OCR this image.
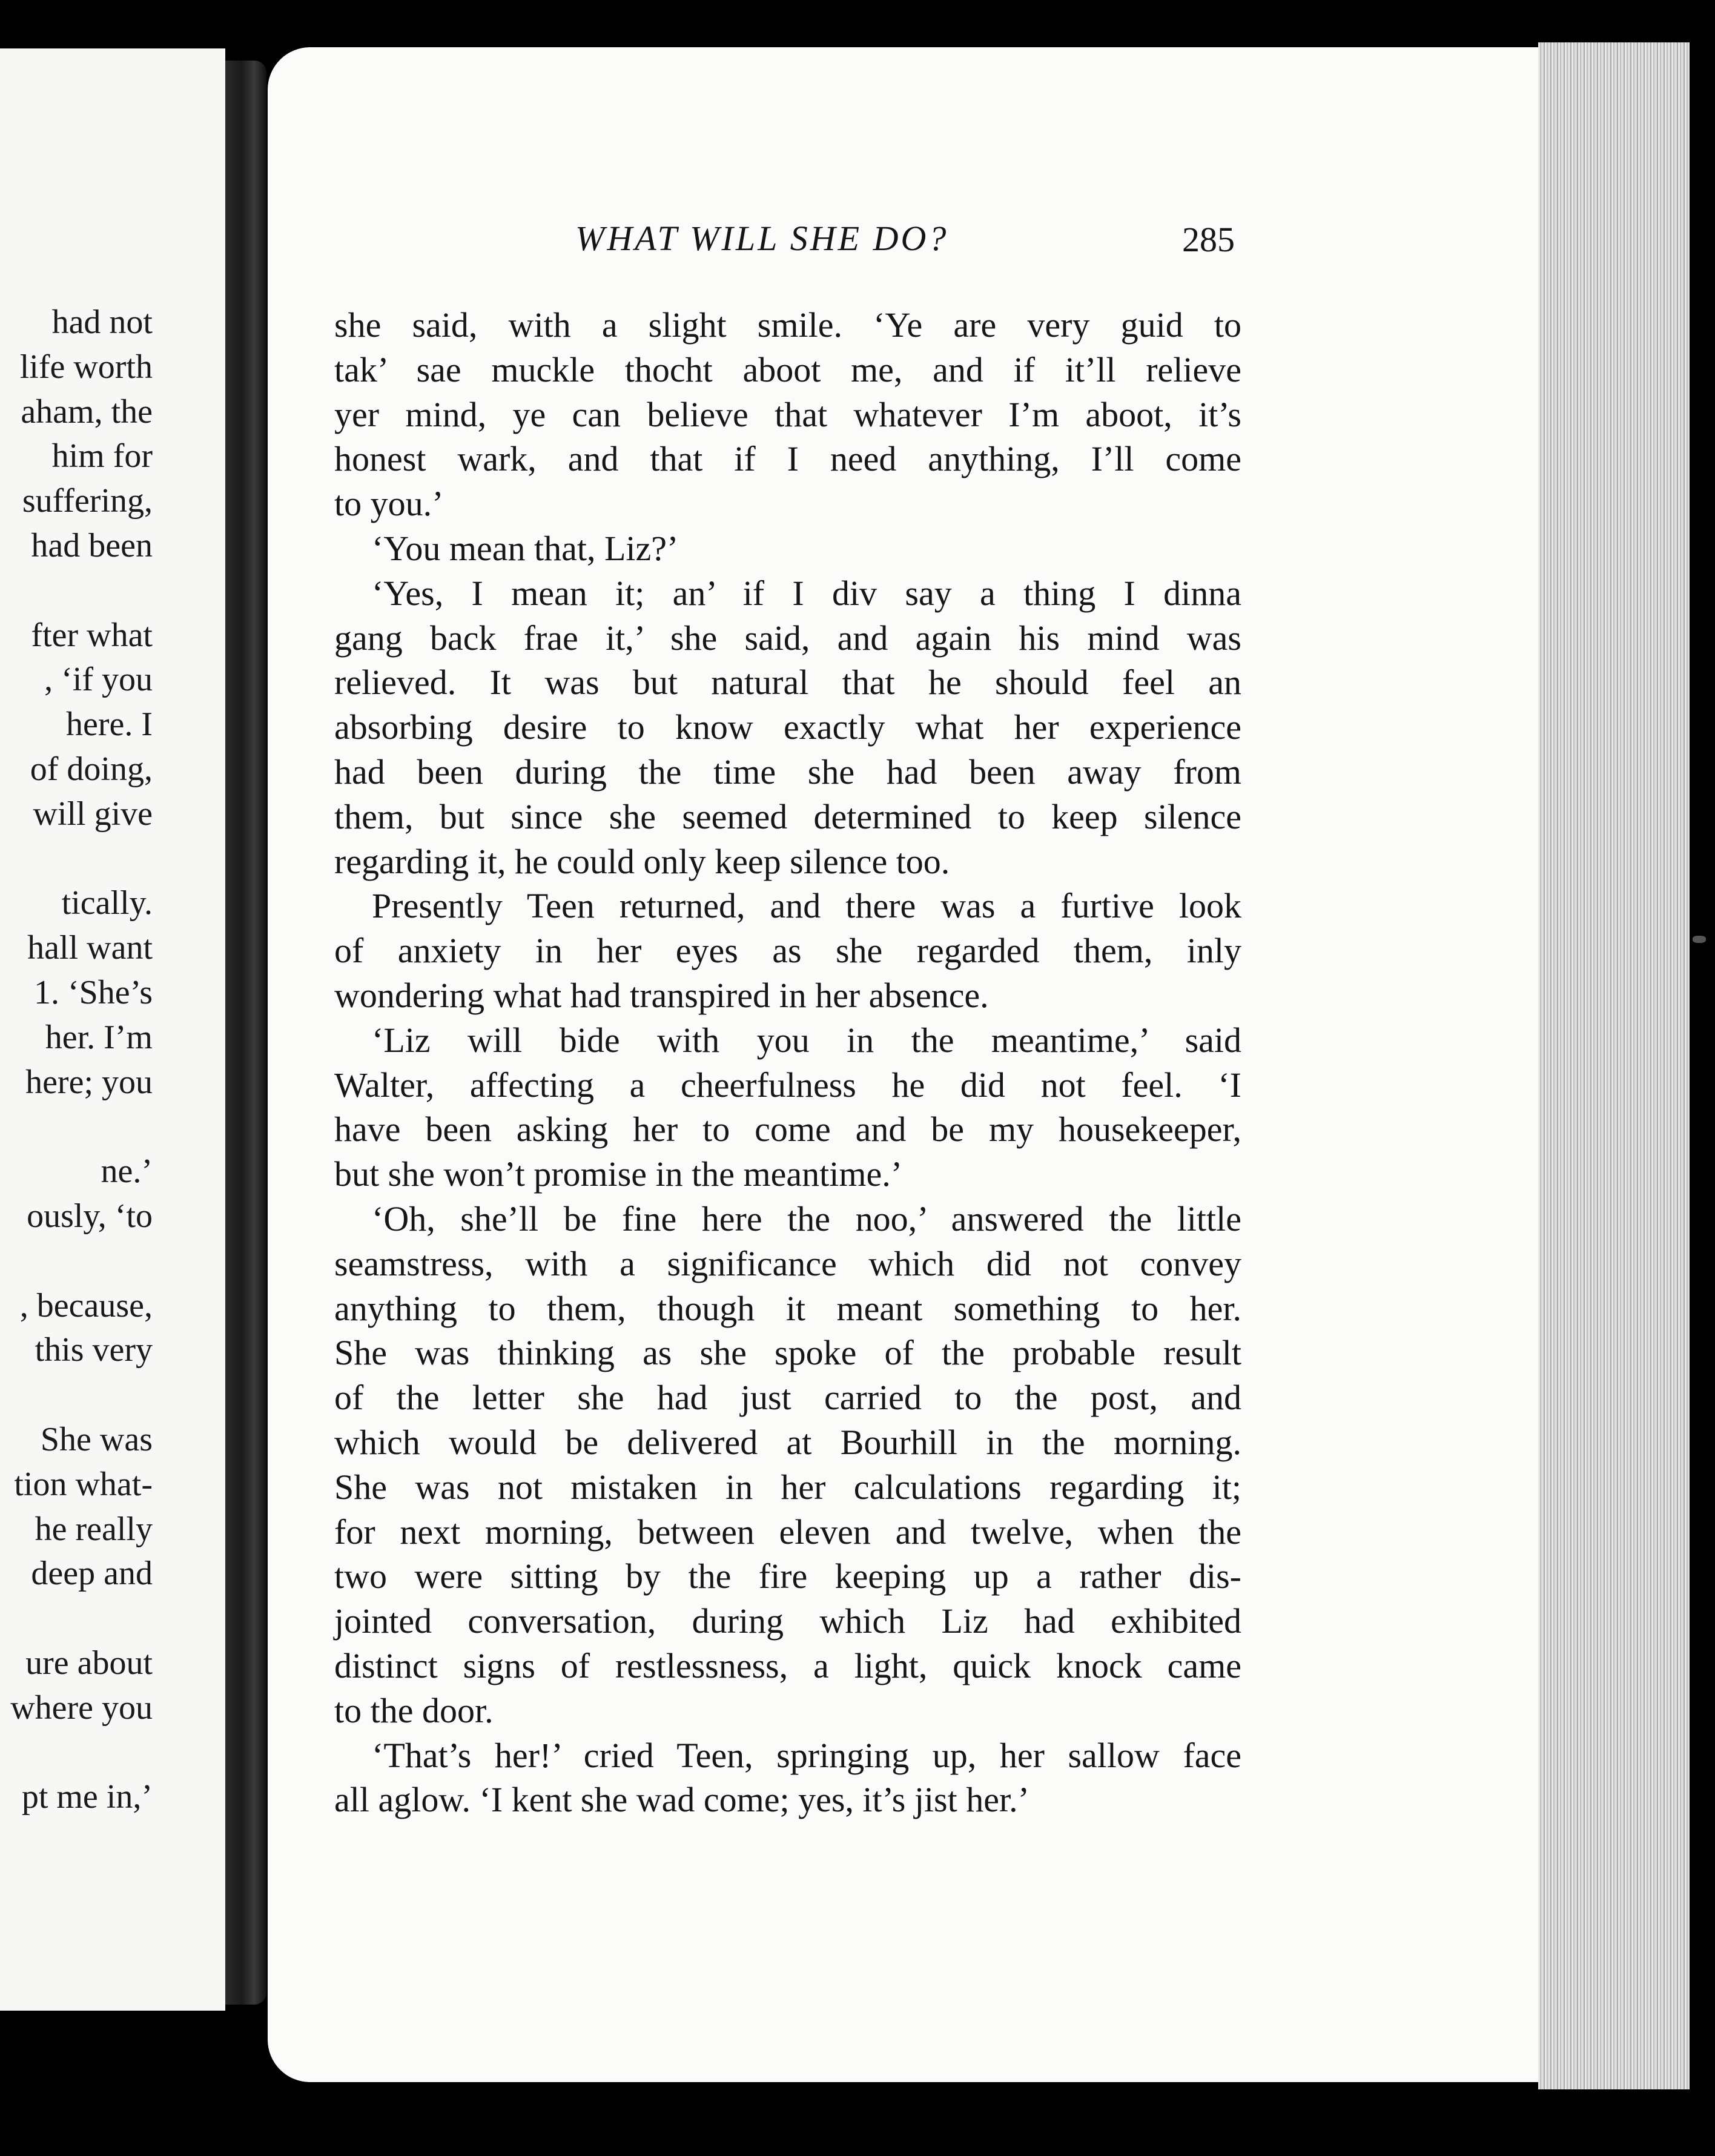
had not
life worth
aham, the
him for
suffering,
had been
fter what
, ‘if you
here. I
of doing,
will give
tically.
hall want
1. ‘She’s
her. I’m
here; you
ne.’
ously, ‘to
, because,
this very
She was
tion what-
he really
deep and
ure about
where you
pt me in,’
WHAT WILL SHE DO?	285
she said, with a slight smile. ‘Ye are very guid to
tak’ sae muckle thocht aboot me, and if it’ll relieve
yer mind, ye can believe that whatever I’m aboot, it’s
honest wark, and that if I need anything, I’ll come
to you.’
‘You mean that, Liz?’
‘Yes, I mean it; an’ if I div say a thing I dinna
gang back frae it,’ she said, and again his mind was
relieved. It was but natural that he should feel an
absorbing desire to know exactly what her experience
had been during the time she had been away from
them, but since she seemed determined to keep silence
regarding it, he could only keep silence too.
Presently Teen returned, and there was a furtive look
of anxiety in her eyes as she regarded them, inly
wondering what had transpired in her absence.
‘Liz will bide with you in the meantime,’ said
Walter, affecting a cheerfulness he did not feel. ‘I
have been asking her to come and be my housekeeper,
but she won’t promise in the meantime.’
‘Oh, she’ll be fine here the noo,’ answered the little
seamstress, with a significance which did not convey
anything to them, though it meant something to her.
She was thinking as she spoke of the probable result
of the letter she had just carried to the post, and
which would be delivered at Bourhill in the morning.
She was not mistaken in her calculations regarding it;
for next morning, between eleven and twelve, when the
two were sitting by the fire keeping up a rather dis-
jointed conversation, during which Liz had exhibited
distinct signs of restlessness, a light, quick knock came
to the door.
‘That’s her!’ cried Teen, springing up, her sallow face
all aglow. ‘I kent she wad come; yes, it’s jist her.’
